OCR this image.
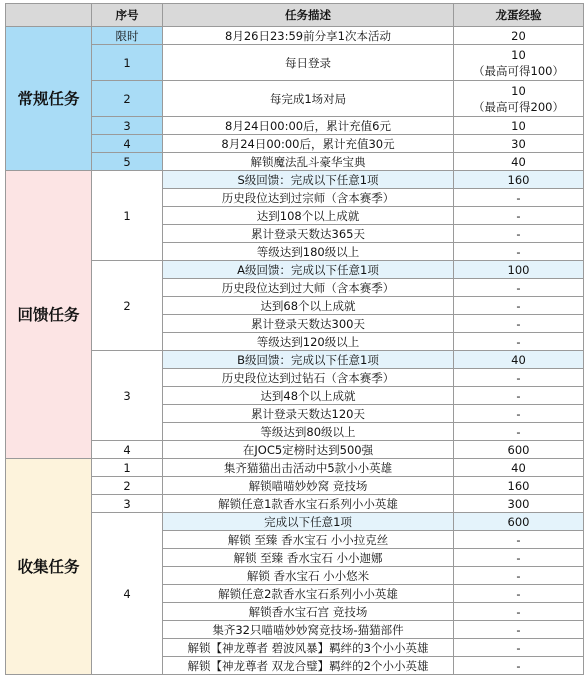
	序号	任务描述	龙蛋经验
常规任务	限时	8月26日23:59前分享1次本活动	20
	1	每日登录	10
（最高可得100）

	2	每完成1场对局	10
（最高可得200）

	3	8月24日00:00后，累计充值6元	10
	4	8月24日00:00后，累计充值30元	30
	5	解锁魔法乱斗豪华宝典	40
回馈任务	1	S级回馈：完成以下任意1项	160
		历史段位达到过宗师（含本赛季）	-
		达到108个以上成就	-
		累计登录天数达365天	-
		等级达到180级以上	-
	2	A级回馈：完成以下任意1项	100
		历史段位达到过大师（含本赛季）	-
		达到68个以上成就	-
		累计登录天数达300天	-
		等级达到120级以上	-
	3	B级回馈：完成以下任意1项	40
		历史段位达到过钻石（含本赛季）	-
		达到48个以上成就	-
		累计登录天数达120天	-
		等级达到80级以上	-
	4	在JOC5定榜时达到500强	600
收集任务	1	集齐猫猫出击活动中5款小小英雄	40
	2	解锁喵喵妙妙窝 竞技场	160
	3	解锁任意1款香水宝石系列小小英雄	300
	4	完成以下任意1项	600
		解锁 至臻 香水宝石 小小拉克丝	-
		解锁 至臻 香水宝石 小小迦娜	-
		解锁 香水宝石 小小悠米	-
		解锁任意2款香水宝石系列小小英雄	-
		解锁香水宝石宫 竞技场	-
		集齐32只喵喵妙妙窝竞技场-猫猫部件	-
		解锁【神龙尊者 碧波风暴】羁绊的3个小小英雄	-
		解锁【神龙尊者 双龙合璧】羁绊的2个小小英雄	-
